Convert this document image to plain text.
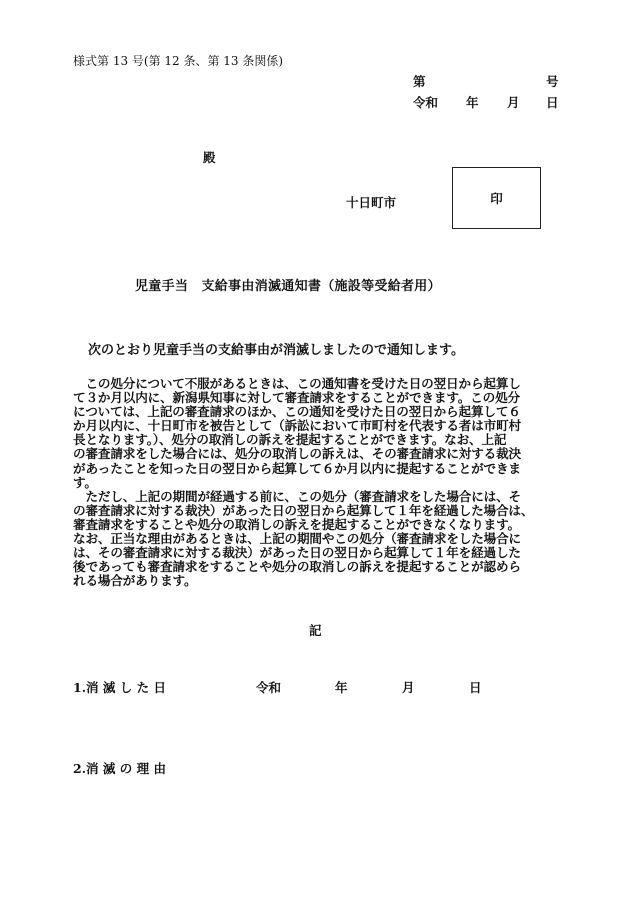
様式第 13 号(第 12 条、第 13 条関係)
第	号
令和 年 月 日
殿
十日町市	印
児童手当　支給事由消滅通知書（施設等受給者用）
次のとおり児童手当の支給事由が消滅しましたので通知します。

　この処分について不服があるときは、この通知書を受けた日の翌日から起算し

て３か月以内に、新潟県知事に対して審査請求をすることができます。この処分

については、上記の審査請求のほか、この通知を受けた日の翌日から起算して６

か月以内に、十日町市を被告として（訴訟において市町村を代表する者は市町村

長となります。）、処分の取消しの訴えを提起することができます。なお、上記

の審査請求をした場合には、処分の取消しの訴えは、その審査請求に対する裁決

があったことを知った日の翌日から起算して６か月以内に提起することができま

す。

　ただし、上記の期間が経過する前に、この処分（審査請求をした場合には、そ

の審査請求に対する裁決）があった日の翌日から起算して１年を経過した場合は、

審査請求をすることや処分の取消しの訴えを提起することができなくなります。

なお、正当な理由があるときは、上記の期間やこの処分（審査請求をした場合に

は、その審査請求に対する裁決）があった日の翌日から起算して１年を経過した

後であっても審査請求をすることや処分の取消しの訴えを提起することが認めら

れる場合があります。

記
1.消 滅 し た 日	令和	年	月	日
2.消 滅 の 理 由
